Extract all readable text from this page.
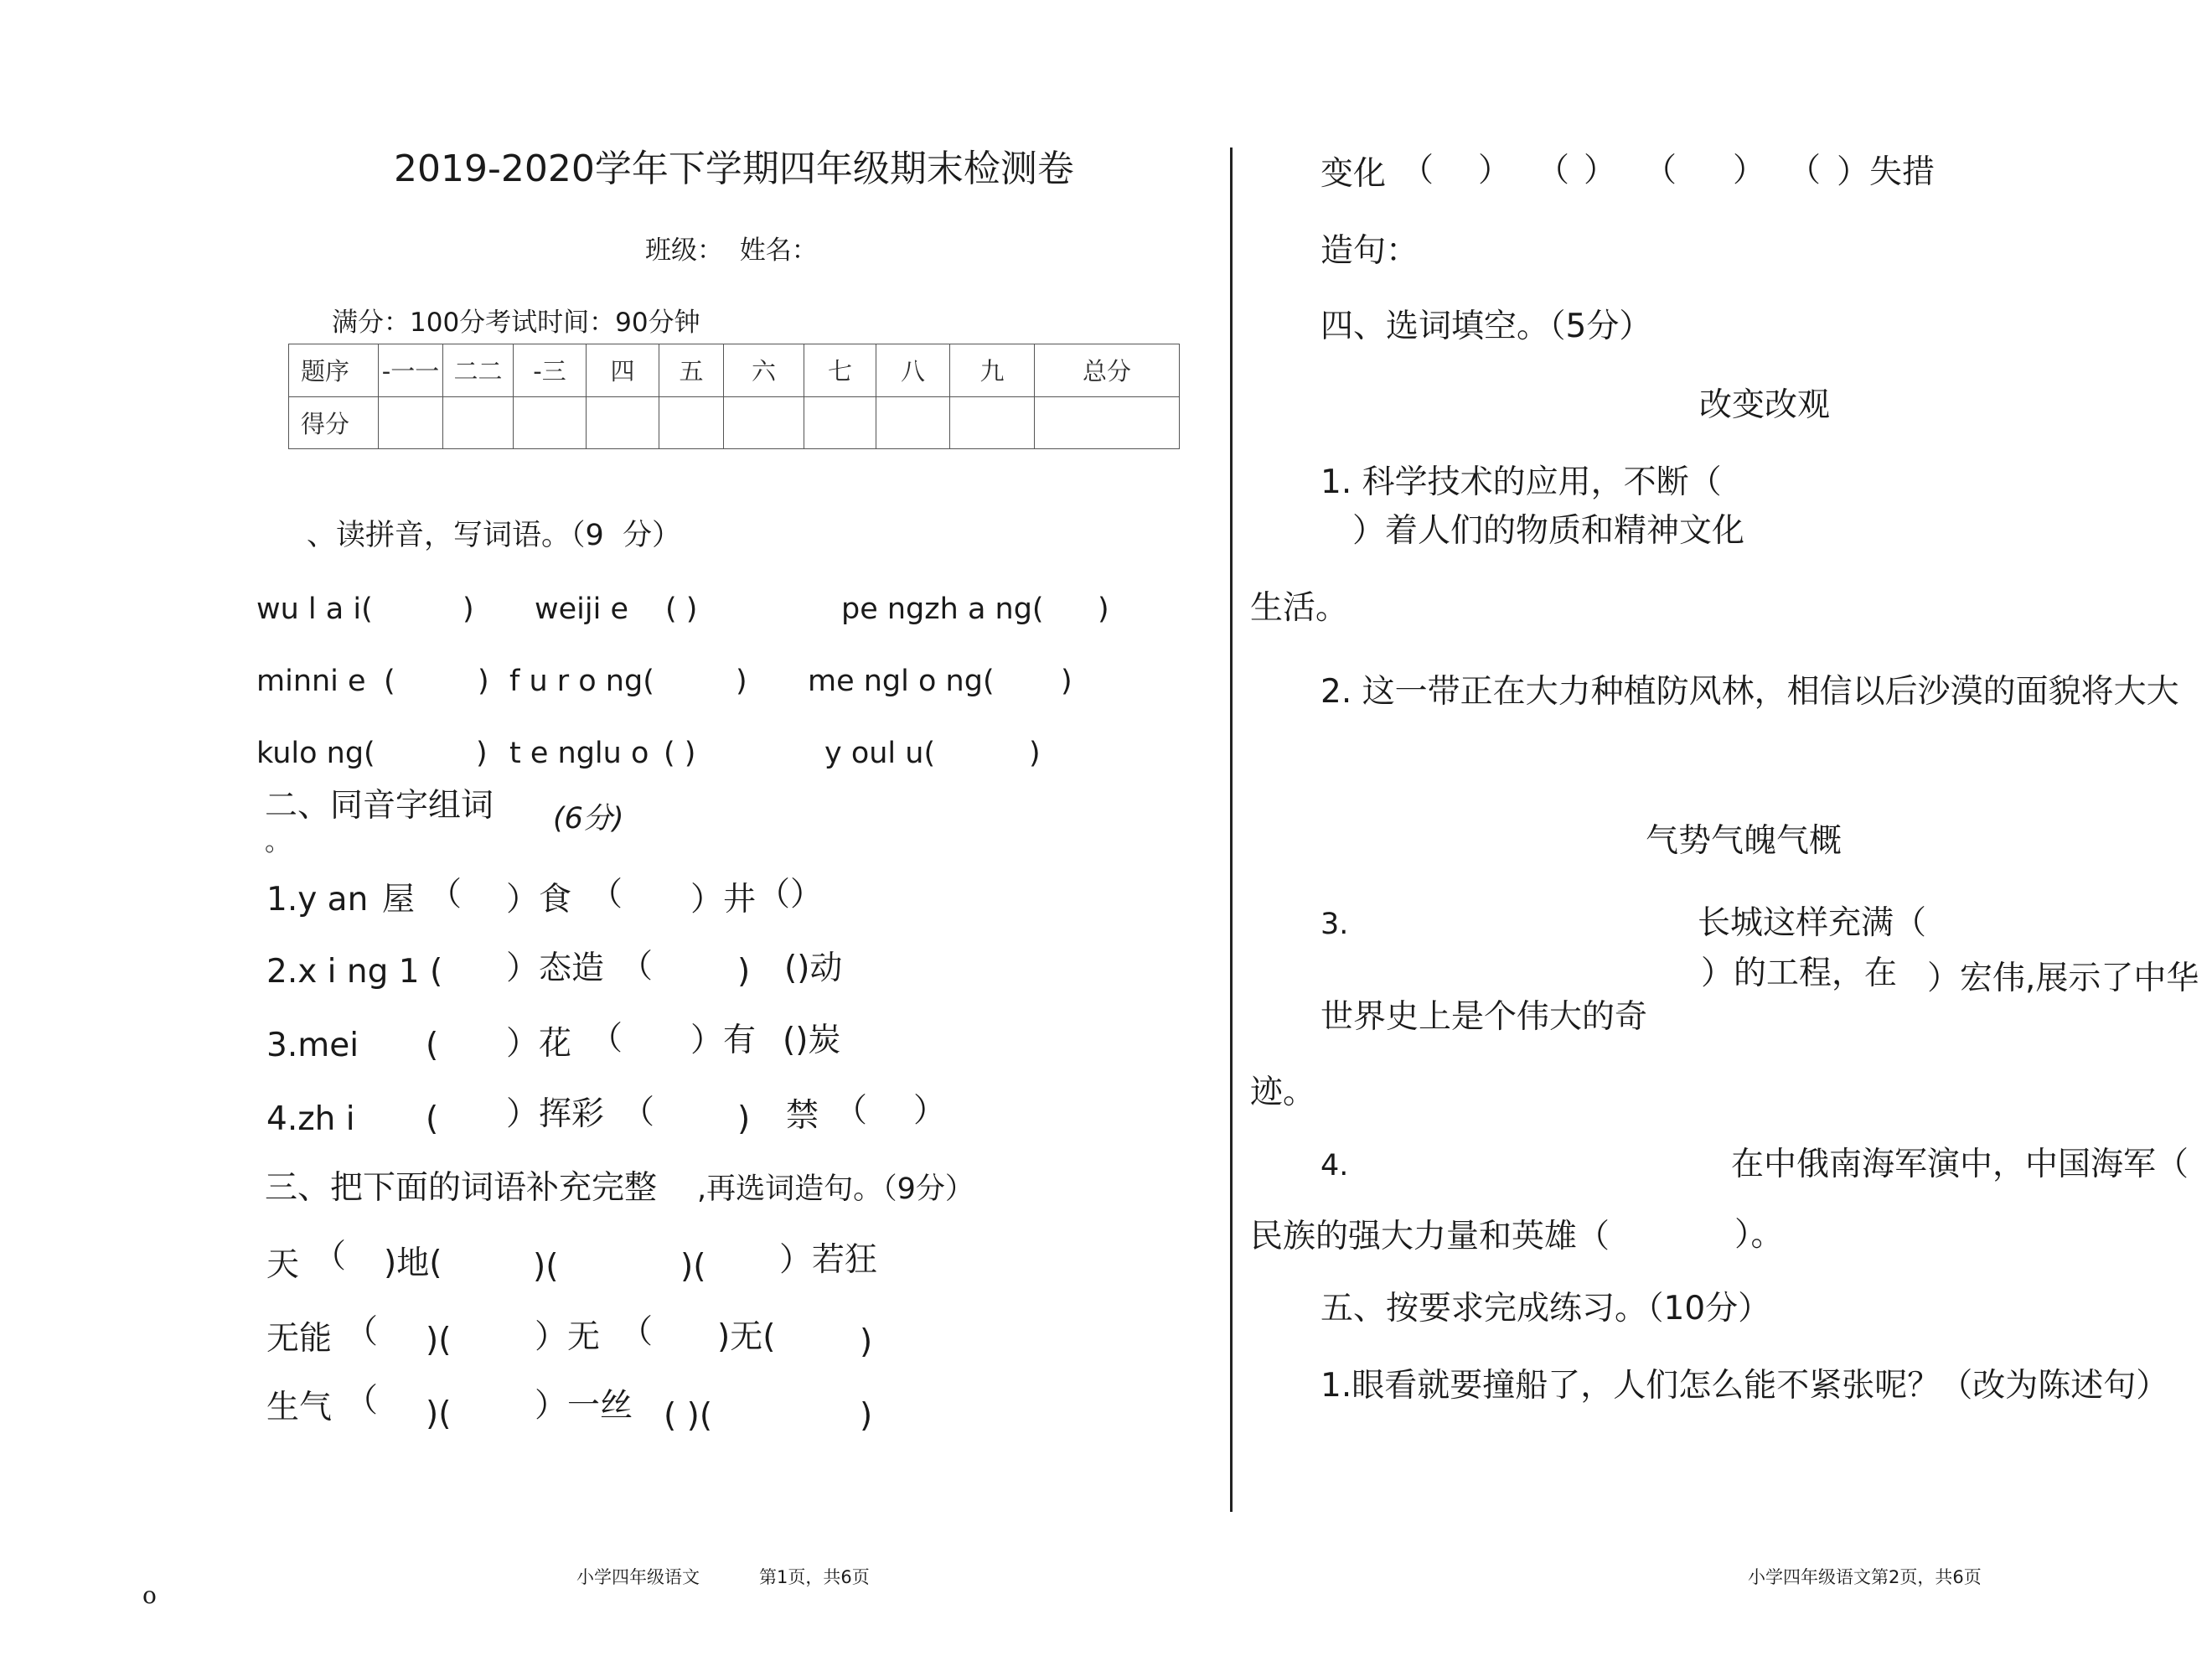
2019-2020学年下学期四年级期末检测卷
班级：  姓名：
满分：100分考试时间：90分钟
题序	-一一	二二	-三	四	五	六	七	八	九	总分
得分										
、读拼音，写词语。（9  分）
wu l a i(	) weiji e ( )	pe ngzh a ng( )
minni e (	) f u r o ng(	) me ngl o ng( )
kulo ng(	) t e nglu o ( )	y oul u(	)
二、同音字组词 (6分)
。
1.y an 屋 （ ）食 （ ）井 （）
2.x i ng 1 ( ）态造 （	) ()动
3.mei ( ）花 （ ）有 ()炭
4.zh i ( ）挥彩 （	) 禁 （ ）
三、把下面的词语补充完整 ,再选词造句。（9分）
天 （ )地(	)(	)( ）若狂
无能 （ )(	）无 （ )无(	)
生气 （ )(	）一丝 ( )(	)
小学四年级语文	第1页，共6页
o
变化 （ ） （ ） （ ） （ ）失措
造句：
四、选词填空。（5分）
改变改观
1. 科学技术的应用，不断（
）着人们的物质和精神文化
生活。
2. 这一带正在大力种植防风林，相信以后沙漠的面貌将大大
气势气魄气概
3.	长城这样充满（
）的工程，在 ）宏伟,展示了中华
世界史上是个伟大的奇
迹。
4.	在中俄南海军演中，中国海军（
民族的强大力量和英雄（	）。
五、按要求完成练习。（10分）
1.眼看就要撞船了，人们怎么能不紧张呢？（改为陈述句）
小学四年级语文第2页，共6页
